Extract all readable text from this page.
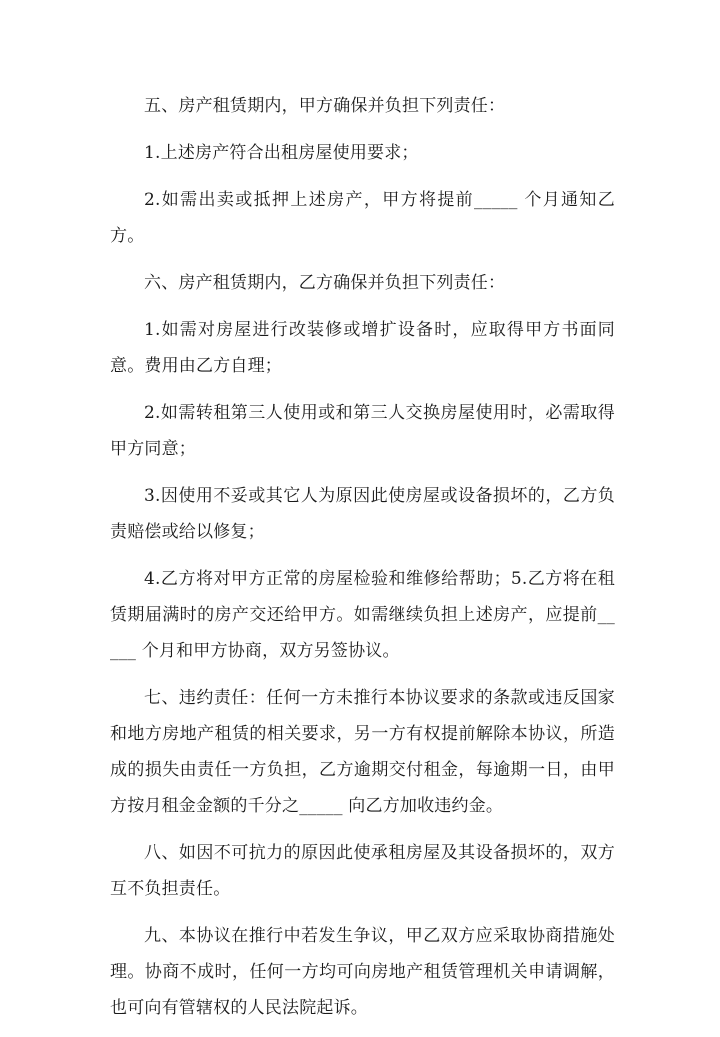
五、房产租赁期内，甲方确保并负担下列责任：

1.上述房产符合出租房屋使用要求；

2.如需出卖或抵押上述房产，甲方将提前_____ 个月通知乙方。

六、房产租赁期内，乙方确保并负担下列责任：

1.如需对房屋进行改装修或增扩设备时，应取得甲方书面同意。费用由乙方自理；

2.如需转租第三人使用或和第三人交换房屋使用时，必需取得甲方同意；

3.因使用不妥或其它人为原因此使房屋或设备损坏的，乙方负责赔偿或给以修复；

4.乙方将对甲方正常的房屋检验和维修给帮助；5.乙方将在租赁期届满时的房产交还给甲方。如需继续负担上述房产，应提前_____ 个月和甲方协商，双方另签协议。

七、违约责任：任何一方未推行本协议要求的条款或违反国家和地方房地产租赁的相关要求，另一方有权提前解除本协议，所造成的损失由责任一方负担，乙方逾期交付租金，每逾期一日，由甲方按月租金金额的千分之_____ 向乙方加收违约金。

八、如因不可抗力的原因此使承租房屋及其设备损坏的，双方互不负担责任。

九、本协议在推行中若发生争议，甲乙双方应采取协商措施处理。协商不成时，任何一方均可向房地产租赁管理机关申请调解，也可向有管辖权的人民法院起诉。
